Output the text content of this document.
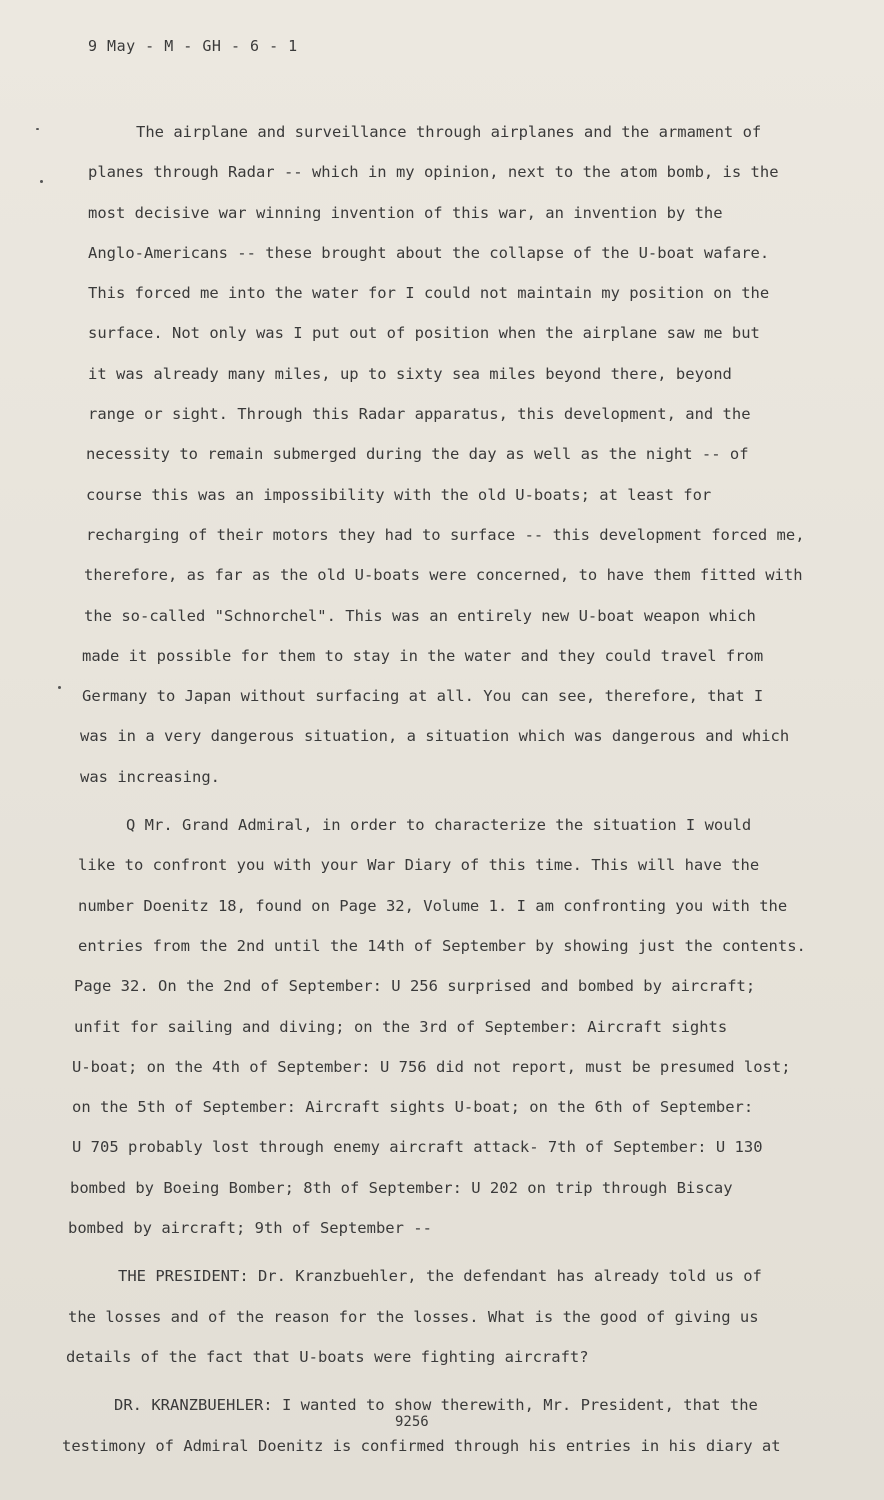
9 May - M - GH - 6 - 1
The airplane and surveillance through airplanes and the armament of
planes through Radar -- which in my opinion, next to the atom bomb, is the
most decisive war winning invention of this war, an invention by the
Anglo-Americans -- these brought about the collapse of the U-boat wafare.
This forced me into the water for I could not maintain my position on the
surface. Not only was I put out of position when the airplane saw me but
it was already many miles, up to sixty sea miles beyond there, beyond
range or sight. Through this Radar apparatus, this development, and the
necessity to remain submerged during the day as well as the night -- of
course this was an impossibility with the old U-boats; at least for
recharging of their motors they had to surface -- this development forced me,
therefore, as far as the old U-boats were concerned, to have them fitted with
the so-called "Schnorchel". This was an entirely new U-boat weapon which
made it possible for them to stay in the water and they could travel from
Germany to Japan without surfacing at all. You can see, therefore, that I
was in a very dangerous situation, a situation which was dangerous and which
was increasing.
Q Mr. Grand Admiral, in order to characterize the situation I would
like to confront you with your War Diary of this time. This will have the
number Doenitz 18, found on Page 32, Volume 1. I am confronting you with the
entries from the 2nd until the 14th of September by showing just the contents.
Page 32. On the 2nd of September: U 256 surprised and bombed by aircraft;
unfit for sailing and diving; on the 3rd of September: Aircraft sights
U-boat; on the 4th of September: U 756 did not report, must be presumed lost;
on the 5th of September: Aircraft sights U-boat; on the 6th of September:
U 705 probably lost through enemy aircraft attack- 7th of September: U 130
bombed by Boeing Bomber; 8th of September: U 202 on trip through Biscay
bombed by aircraft; 9th of September --
THE PRESIDENT: Dr. Kranzbuehler, the defendant has already told us of
the losses and of the reason for the losses. What is the good of giving us
details of the fact that U-boats were fighting aircraft?
DR. KRANZBUEHLER: I wanted to show therewith, Mr. President, that the
testimony of Admiral Doenitz is confirmed through his entries in his diary at
9256
